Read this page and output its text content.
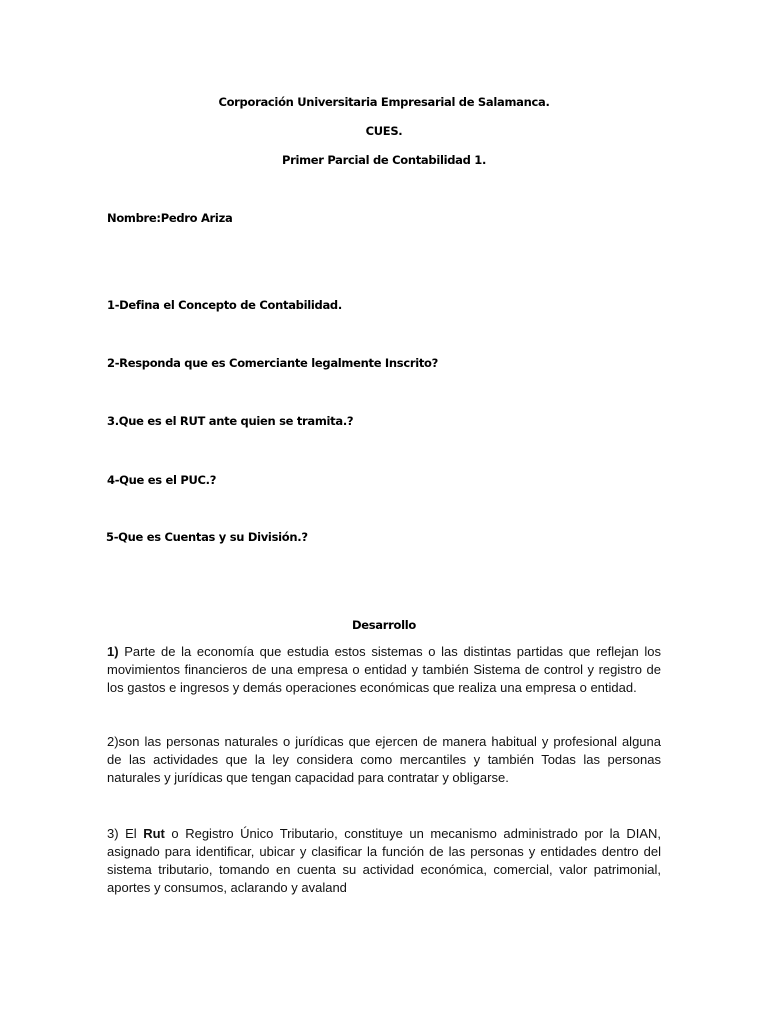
Corporación Universitaria Empresarial de Salamanca.
CUES.
Primer Parcial de Contabilidad 1.
Nombre:Pedro Ariza
1-Defina el Concepto de Contabilidad.
2-Responda que es Comerciante legalmente Inscrito?
3.Que es el RUT ante quien se tramita.?
4-Que es el PUC.?
5-Que es Cuentas y su División.?
Desarrollo
1) Parte de la economía que estudia estos sistemas o las distintas partidas que reflejan los movimientos financieros de una empresa o entidad y también Sistema de control y registro de los gastos e ingresos y demás operaciones económicas que realiza una empresa o entidad.
2)son las personas naturales o jurídicas que ejercen de manera habitual y profesional alguna de las actividades que la ley considera como mercantiles y también Todas las personas naturales y jurídicas que tengan capacidad para contratar y obligarse.
3) El Rut o Registro Único Tributario, constituye un mecanismo administrado por la DIAN, asignado para identificar, ubicar y clasificar la función de las personas y entidades dentro del sistema tributario, tomando en cuenta su actividad económica, comercial, valor patrimonial, aportes y consumos, aclarando y avaland
